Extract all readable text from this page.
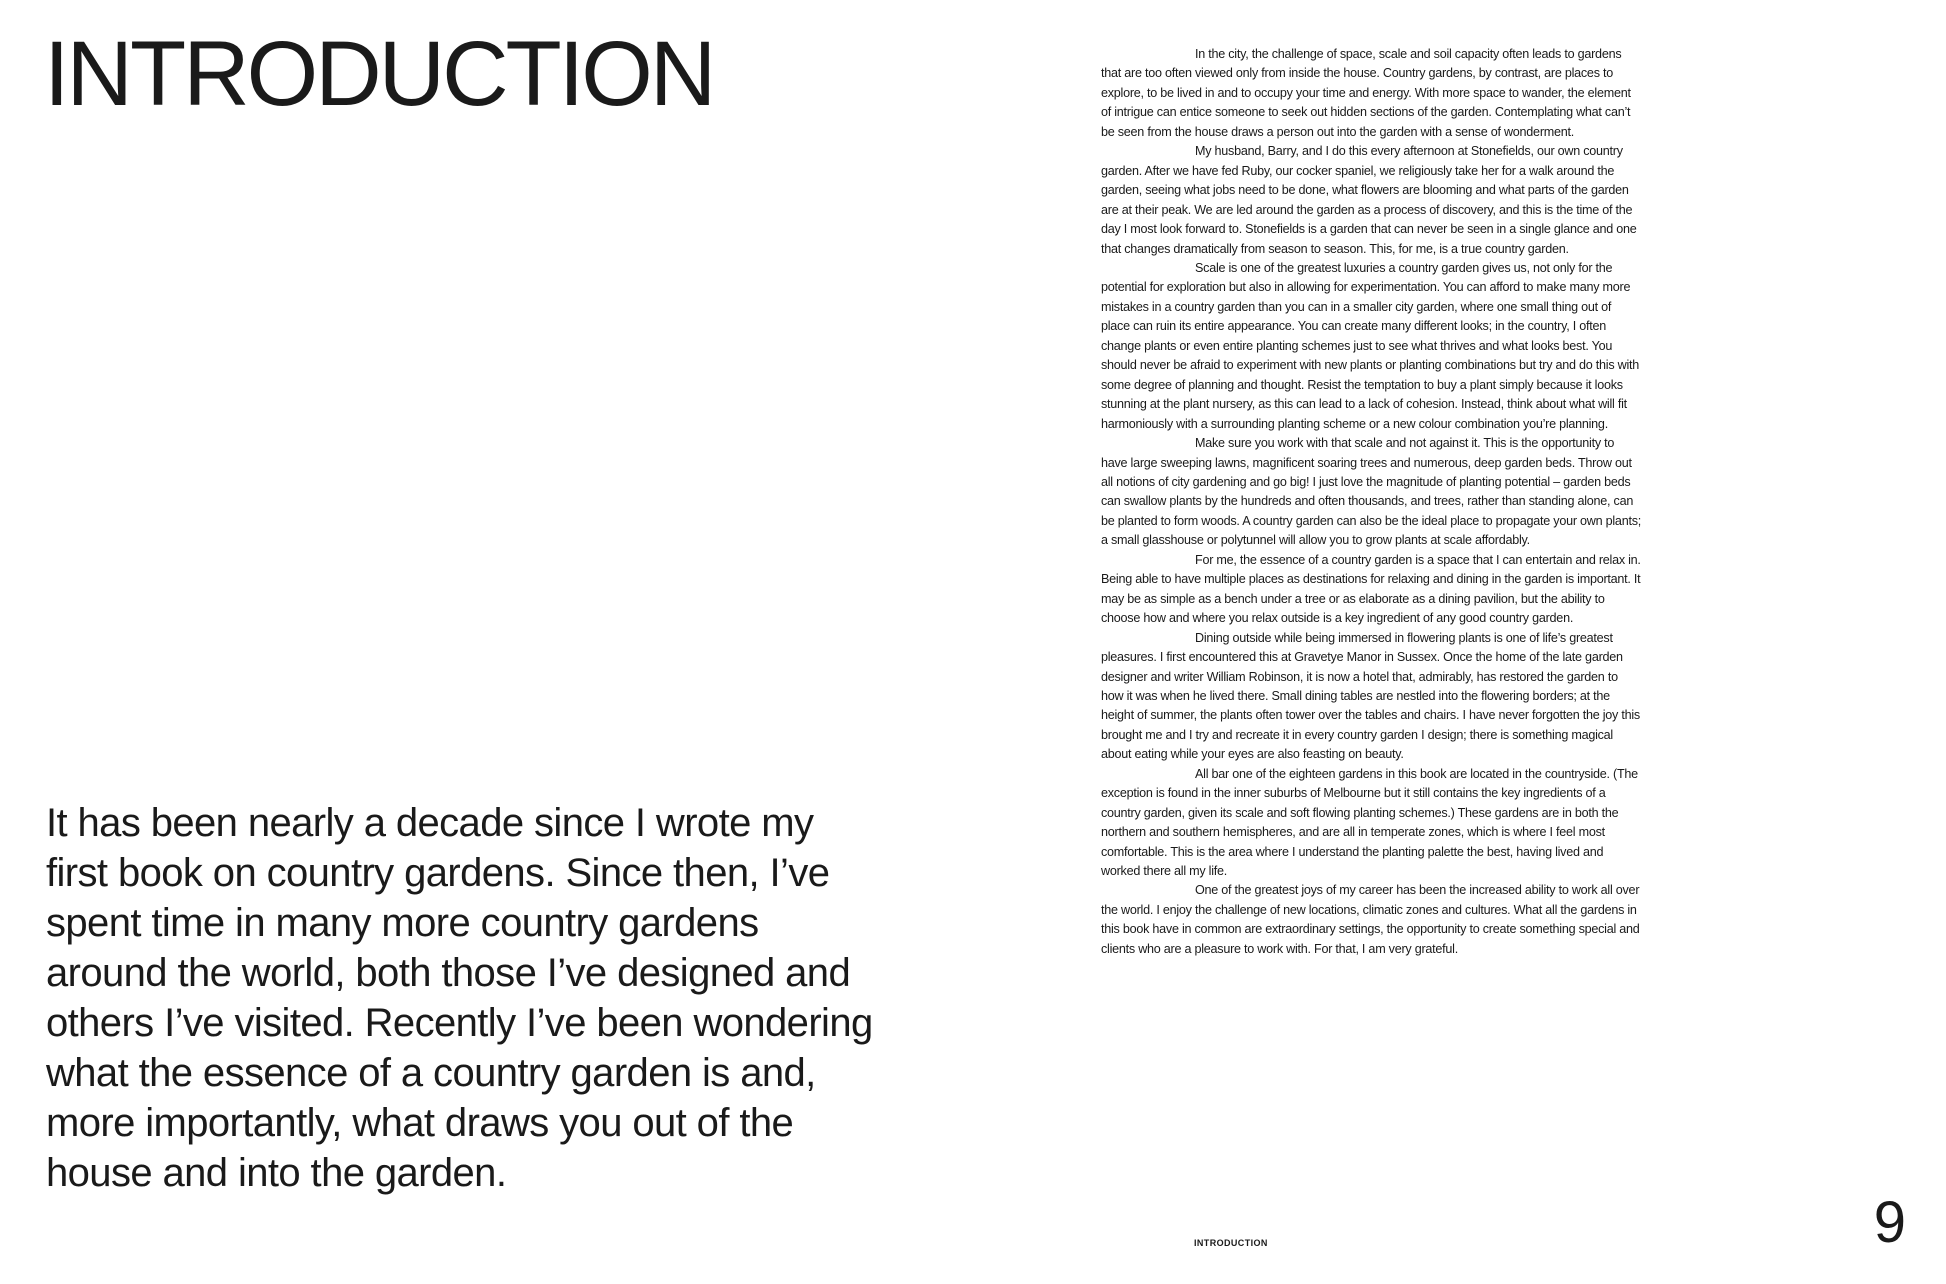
INTRODUCTION

It has been nearly a decade since I wrote my first book on country gardens. Since then, I’ve spent time in many more country gardens around the world, both those I’ve designed and others I’ve visited. Recently I’ve been wondering what the essence of a country garden is and, more importantly, what draws you out of the house and into the garden.

In the city, the challenge of space, scale and soil capacity often leads to gardens that are too often viewed only from inside the house. Country gardens, by contrast, are places to explore, to be lived in and to occupy your time and energy. With more space to wander, the element of intrigue can entice someone to seek out hidden sections of the garden. Contemplating what can’t be seen from the house draws a person out into the garden with a sense of wonderment.

My husband, Barry, and I do this every afternoon at Stonefields, our own country garden. After we have fed Ruby, our cocker spaniel, we religiously take her for a walk around the garden, seeing what jobs need to be done, what flowers are blooming and what parts of the garden are at their peak. We are led around the garden as a process of discovery, and this is the time of the day I most look forward to. Stonefields is a garden that can never be seen in a single glance and one that changes dramatically from season to season. This, for me, is a true country garden.

Scale is one of the greatest luxuries a country garden gives us, not only for the potential for exploration but also in allowing for experimentation. You can afford to make many more mistakes in a country garden than you can in a smaller city garden, where one small thing out of place can ruin its entire appearance. You can create many different looks; in the country, I often change plants or even entire planting schemes just to see what thrives and what looks best. You should never be afraid to experiment with new plants or planting combinations but try and do this with some degree of planning and thought. Resist the temptation to buy a plant simply because it looks stunning at the plant nursery, as this can lead to a lack of cohesion. Instead, think about what will fit harmoniously with a surrounding planting scheme or a new colour combination you’re planning.

Make sure you work with that scale and not against it. This is the opportunity to have large sweeping lawns, magnificent soaring trees and numerous, deep garden beds. Throw out all notions of city gardening and go big! I just love the magnitude of planting potential – garden beds can swallow plants by the hundreds and often thousands, and trees, rather than standing alone, can be planted to form woods. A country garden can also be the ideal place to propagate your own plants; a small glasshouse or polytunnel will allow you to grow plants at scale affordably.

For me, the essence of a country garden is a space that I can entertain and relax in. Being able to have multiple places as destinations for relaxing and dining in the garden is important. It may be as simple as a bench under a tree or as elaborate as a dining pavilion, but the ability to choose how and where you relax outside is a key ingredient of any good country garden.

Dining outside while being immersed in flowering plants is one of life’s greatest pleasures. I first encountered this at Gravetye Manor in Sussex. Once the home of the late garden designer and writer William Robinson, it is now a hotel that, admirably, has restored the garden to how it was when he lived there. Small dining tables are nestled into the flowering borders; at the height of summer, the plants often tower over the tables and chairs. I have never forgotten the joy this brought me and I try and recreate it in every country garden I design; there is something magical about eating while your eyes are also feasting on beauty.

All bar one of the eighteen gardens in this book are located in the countryside. (The exception is found in the inner suburbs of Melbourne but it still contains the key ingredients of a country garden, given its scale and soft flowing planting schemes.) These gardens are in both the northern and southern hemispheres, and are all in temperate zones, which is where I feel most comfortable. This is the area where I understand the planting palette the best, having lived and worked there all my life.

One of the greatest joys of my career has been the increased ability to work all over the world. I enjoy the challenge of new locations, climatic zones and cultures. What all the gardens in this book have in common are extraordinary settings, the opportunity to create something special and clients who are a pleasure to work with. For that, I am very grateful.

INTRODUCTION	9
